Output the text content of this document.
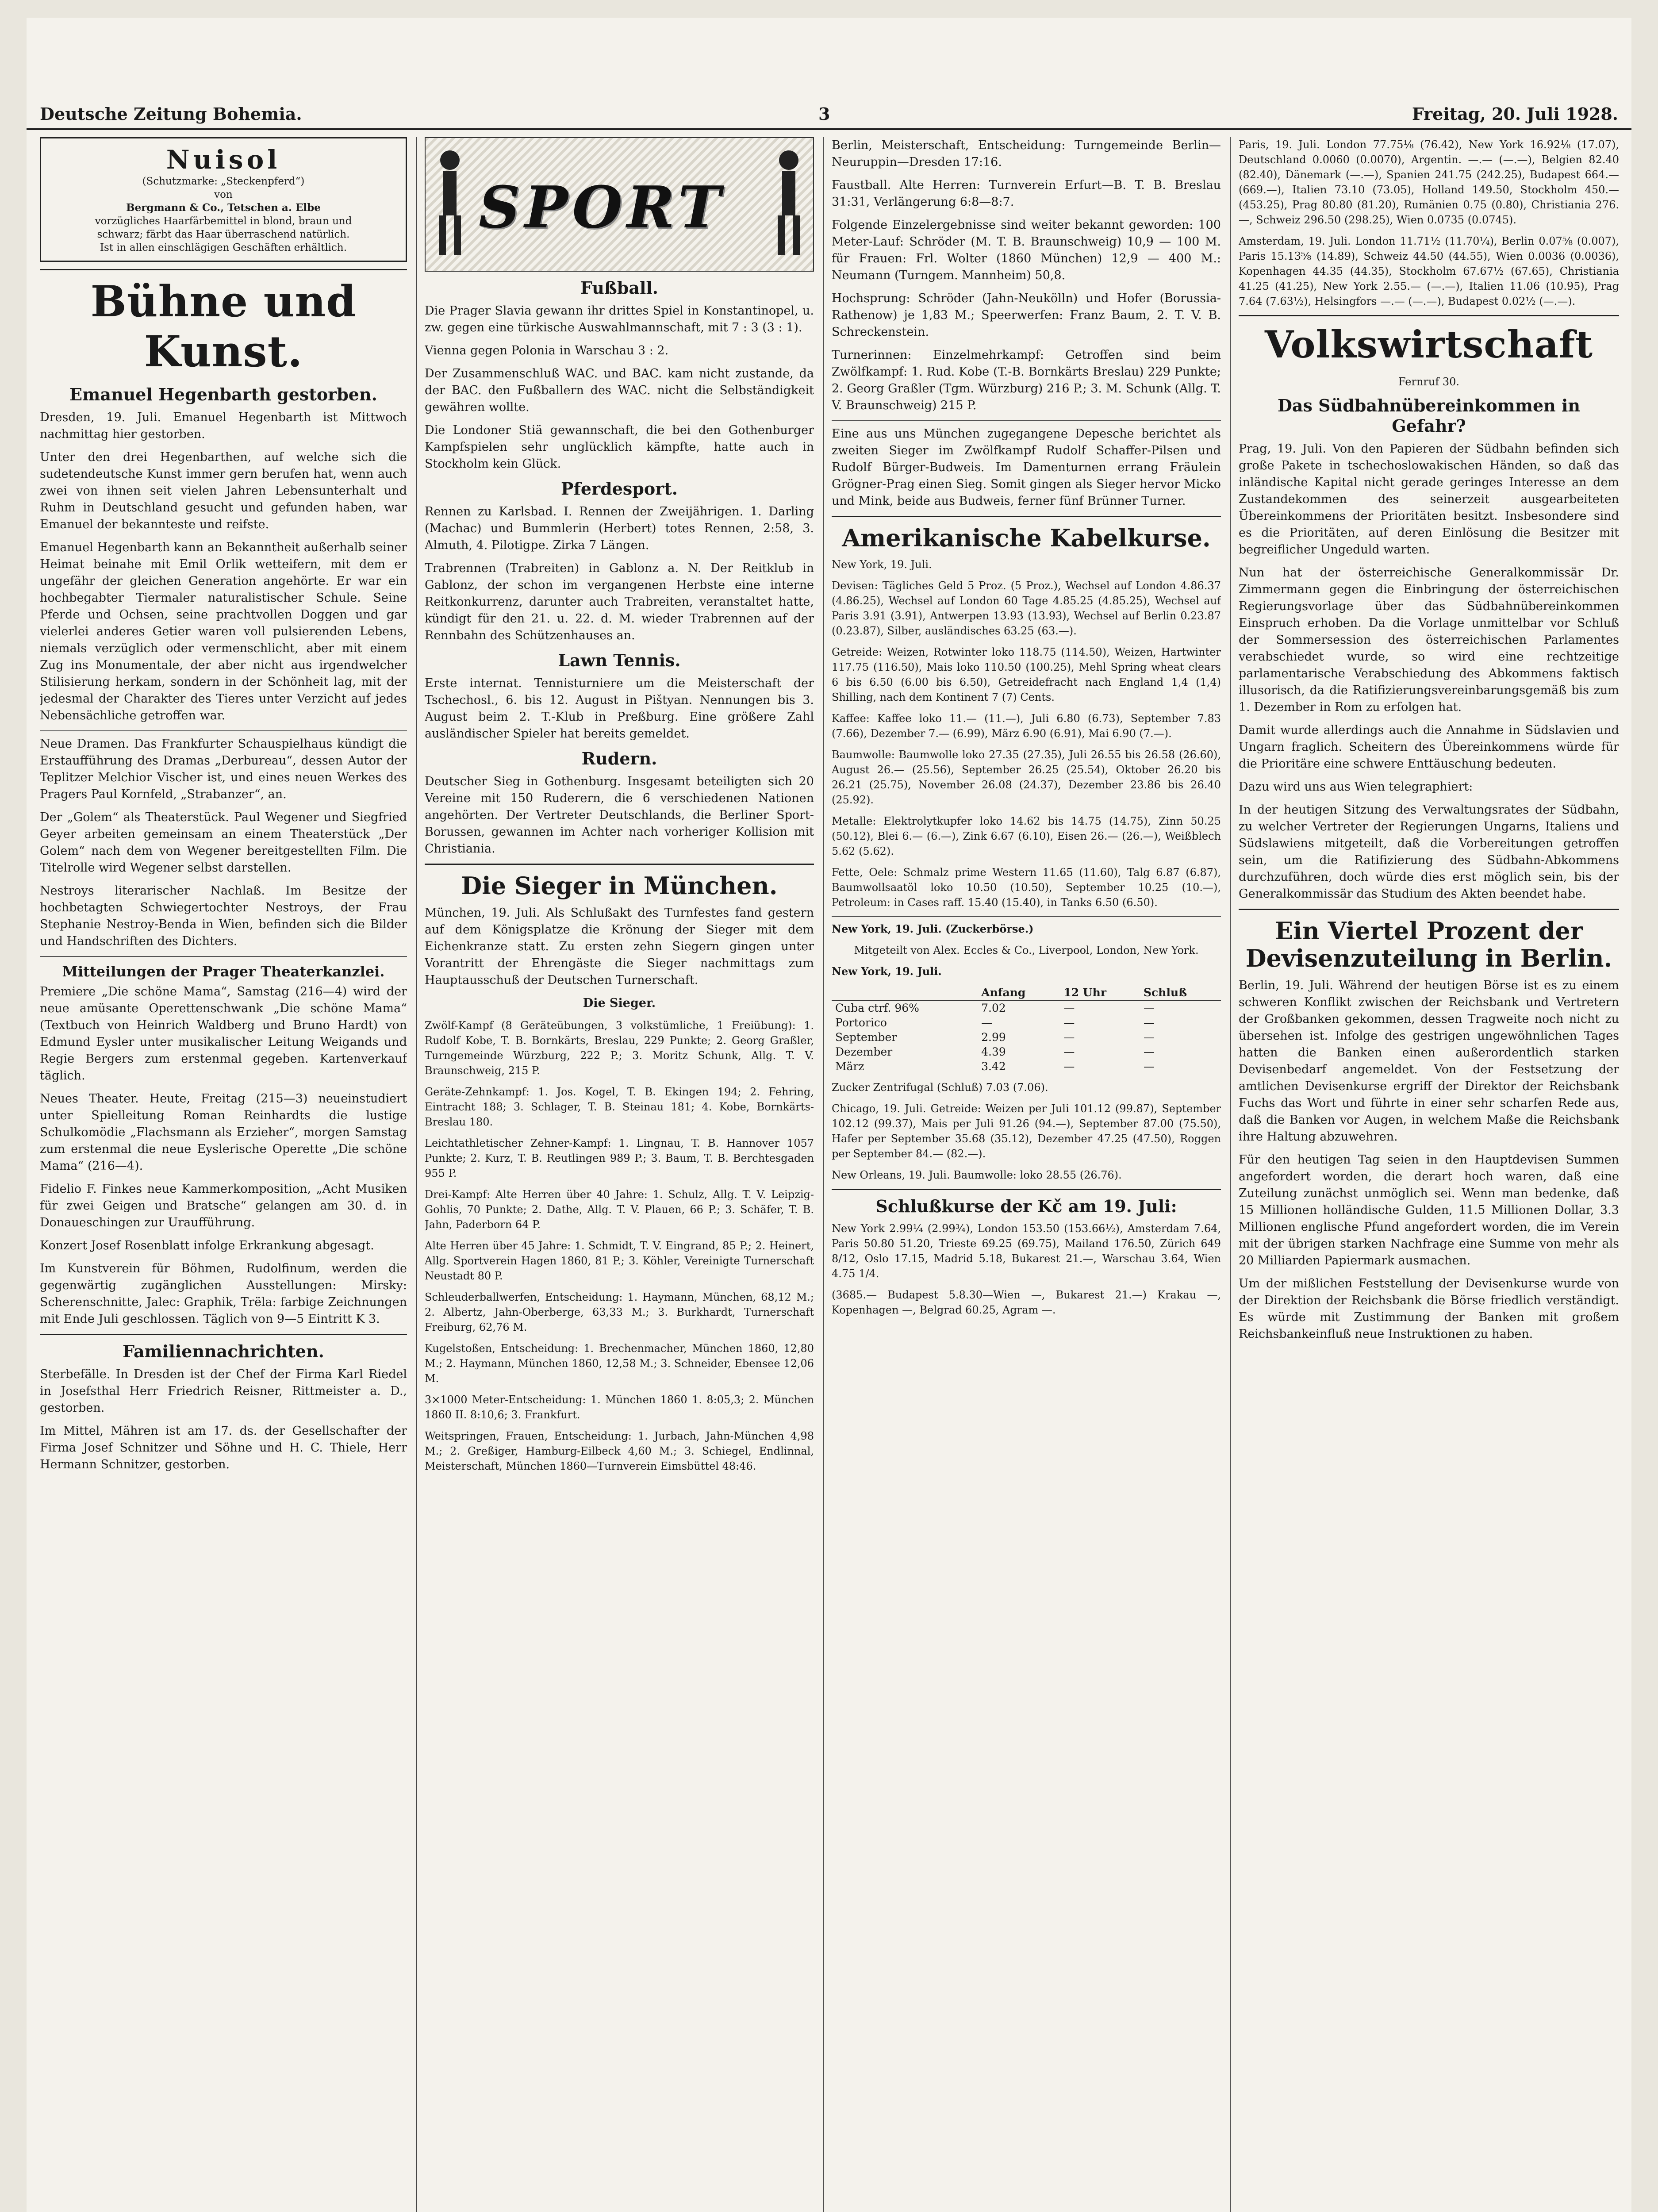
Deutsche Zeitung Bohemia.	3	Freitag, 20. Juli 1928.
Nuisol
(Schutzmarke: „Steckenpferd“)
von
Bergmann & Co., Tetschen a. Elbe
vorzügliches Haarfärbemittel in blond, braun und
schwarz; färbt das Haar überraschend natürlich.
Ist in allen einschlägigen Geschäften erhältlich.
Bühne und Kunst.
Emanuel Hegenbarth gestorben.

Dresden, 19. Juli. Emanuel Hegenbarth ist Mittwoch nachmittag hier gestorben.

Unter den drei Hegenbarthen, auf welche sich die sudetendeutsche Kunst immer gern berufen hat, wenn auch zwei von ihnen seit vielen Jahren Lebensunterhalt und Ruhm in Deutschland gesucht und gefunden haben, war Emanuel der bekannteste und reifste.

Emanuel Hegenbarth kann an Bekanntheit außerhalb seiner Heimat beinahe mit Emil Orlik wetteifern, mit dem er ungefähr der gleichen Generation angehörte. Er war ein hochbegabter Tiermaler naturalistischer Schule. Seine Pferde und Ochsen, seine prachtvollen Doggen und gar vielerlei anderes Getier waren voll pulsierenden Lebens, niemals verzüglich oder vermenschlicht, aber mit einem Zug ins Monumentale, der aber nicht aus irgendwelcher Stilisierung herkam, sondern in der Schönheit lag, mit der jedesmal der Charakter des Tieres unter Verzicht auf jedes Nebensächliche getroffen war.

Neue Dramen. Das Frankfurter Schauspielhaus kündigt die Erstaufführung des Dramas „Derbureau“, dessen Autor der Teplitzer Melchior Vischer ist, und eines neuen Werkes des Pragers Paul Kornfeld, „Strabanzer“, an.

Der „Golem“ als Theaterstück. Paul Wegener und Siegfried Geyer arbeiten gemeinsam an einem Theaterstück „Der Golem“ nach dem von Wegener bereitgestellten Film. Die Titelrolle wird Wegener selbst darstellen.

Nestroys literarischer Nachlaß. Im Besitze der hochbetagten Schwiegertochter Nestroys, der Frau Stephanie Nestroy-Benda in Wien, befinden sich die Bilder und Handschriften des Dichters.

Mitteilungen der Prager Theaterkanzlei.

Premiere „Die schöne Mama“, Samstag (216—4) wird der neue amüsante Operettenschwank „Die schöne Mama“ (Textbuch von Heinrich Waldberg und Bruno Hardt) von Edmund Eysler unter musikalischer Leitung Weigands und Regie Bergers zum erstenmal gegeben. Kartenverkauf täglich.

Neues Theater. Heute, Freitag (215—3) neueinstudiert unter Spielleitung Roman Reinhardts die lustige Schulkomödie „Flachsmann als Erzieher“, morgen Samstag zum erstenmal die neue Eyslerische Operette „Die schöne Mama“ (216—4).

Fidelio F. Finkes neue Kammerkomposition, „Acht Musiken für zwei Geigen und Bratsche“ gelangen am 30. d. in Donaueschingen zur Uraufführung.

Konzert Josef Rosenblatt infolge Erkrankung abgesagt.

Im Kunstverein für Böhmen, Rudolfinum, werden die gegenwärtig zugänglichen Ausstellungen: Mirsky: Scherenschnitte, Jalec: Graphik, Trëla: farbige Zeichnungen mit Ende Juli geschlossen. Täglich von 9—5 Eintritt K 3.

Familiennachrichten.

Sterbefälle. In Dresden ist der Chef der Firma Karl Riedel in Josefsthal Herr Friedrich Reisner, Rittmeister a. D., gestorben.

Im Mittel, Mähren ist am 17. ds. der Gesellschafter der Firma Josef Schnitzer und Söhne und H. C. Thiele, Herr Hermann Schnitzer, gestorben.

SPORT
Fußball.

Die Prager Slavia gewann ihr drittes Spiel in Konstantinopel, u. zw. gegen eine türkische Auswahlmannschaft, mit 7 : 3 (3 : 1).

Vienna gegen Polonia in Warschau 3 : 2.

Der Zusammenschluß WAC. und BAC. kam nicht zustande, da der BAC. den Fußballern des WAC. nicht die Selbständigkeit gewähren wollte.

Die Londoner Stiä gewannschaft, die bei den Gothenburger Kampfspielen sehr unglücklich kämpfte, hatte auch in Stockholm kein Glück.

Pferdesport.

Rennen zu Karlsbad. I. Rennen der Zweijährigen. 1. Darling (Machac) und Bummlerin (Herbert) totes Rennen, 2:58, 3. Almuth, 4. Pilotigpe. Zirka 7 Längen.

Trabrennen (Trabreiten) in Gablonz a. N. Der Reitklub in Gablonz, der schon im vergangenen Herbste eine interne Reitkonkurrenz, darunter auch Trabreiten, veranstaltet hatte, kündigt für den 21. u. 22. d. M. wieder Trabrennen auf der Rennbahn des Schützenhauses an.

Lawn Tennis.

Erste internat. Tennisturniere um die Meisterschaft der Tschechosl., 6. bis 12. August in Pištyan. Nennungen bis 3. August beim 2. T.-Klub in Preßburg. Eine größere Zahl ausländischer Spieler hat bereits gemeldet.

Rudern.

Deutscher Sieg in Gothenburg. Insgesamt beteiligten sich 20 Vereine mit 150 Ruderern, die 6 verschiedenen Nationen angehörten. Der Vertreter Deutschlands, die Berliner Sport-Borussen, gewannen im Achter nach vorheriger Kollision mit Christiania.

Die Sieger in München.

München, 19. Juli. Als Schlußakt des Turnfestes fand gestern auf dem Königsplatze die Krönung der Sieger mit dem Eichenkranze statt. Zu ersten zehn Siegern gingen unter Vorantritt der Ehrengäste die Sieger nachmittags zum Hauptausschuß der Deutschen Turnerschaft.

Die Sieger.

Zwölf-Kampf (8 Geräteübungen, 3 volkstümliche, 1 Freiübung): 1. Rudolf Kobe, T. B. Bornkärts, Breslau, 229 Punkte; 2. Georg Graßler, Turngemeinde Würzburg, 222 P.; 3. Moritz Schunk, Allg. T. V. Braunschweig, 215 P.

Geräte-Zehnkampf: 1. Jos. Kogel, T. B. Ekingen 194; 2. Fehring, Eintracht 188; 3. Schlager, T. B. Steinau 181; 4. Kobe, Bornkärts-Breslau 180.

Leichtathletischer Zehner-Kampf: 1. Lingnau, T. B. Hannover 1057 Punkte; 2. Kurz, T. B. Reutlingen 989 P.; 3. Baum, T. B. Berchtesgaden 955 P.

Drei-Kampf: Alte Herren über 40 Jahre: 1. Schulz, Allg. T. V. Leipzig-Gohlis, 70 Punkte; 2. Dathe, Allg. T. V. Plauen, 66 P.; 3. Schäfer, T. B. Jahn, Paderborn 64 P.

Alte Herren über 45 Jahre: 1. Schmidt, T. V. Eingrand, 85 P.; 2. Heinert, Allg. Sportverein Hagen 1860, 81 P.; 3. Köhler, Vereinigte Turnerschaft Neustadt 80 P.

Schleuderballwerfen, Entscheidung: 1. Haymann, München, 68,12 M.; 2. Albertz, Jahn-Oberberge, 63,33 M.; 3. Burkhardt, Turnerschaft Freiburg, 62,76 M.

Kugelstoßen, Entscheidung: 1. Brechenmacher, München 1860, 12,80 M.; 2. Haymann, München 1860, 12,58 M.; 3. Schneider, Ebensee 12,06 M.

3×1000 Meter-Entscheidung: 1. München 1860 1. 8:05,3; 2. München 1860 II. 8:10,6; 3. Frankfurt.

Weitspringen, Frauen, Entscheidung: 1. Jurbach, Jahn-München 4,98 M.; 2. Greßiger, Hamburg-Eilbeck 4,60 M.; 3. Schiegel, Endlinnal, Meisterschaft, München 1860—Turnverein Eimsbüttel 48:46.

Berlin, Meisterschaft, Entscheidung: Turngemeinde Berlin—Neuruppin—Dresden 17:16.

Faustball. Alte Herren: Turnverein Erfurt—B. T. B. Breslau 31:31, Verlängerung 6:8—8:7.

Folgende Einzelergebnisse sind weiter bekannt geworden: 100 Meter-Lauf: Schröder (M. T. B. Braunschweig) 10,9 — 100 M. für Frauen: Frl. Wolter (1860 München) 12,9 — 400 M.: Neumann (Turngem. Mannheim) 50,8.

Hochsprung: Schröder (Jahn-Neukölln) und Hofer (Borussia-Rathenow) je 1,83 M.; Speerwerfen: Franz Baum, 2. T. V. B. Schreckenstein.

Turnerinnen: Einzelmehrkampf: Getroffen sind beim Zwölfkampf: 1. Rud. Kobe (T.-B. Bornkärts Breslau) 229 Punkte; 2. Georg Graßler (Tgm. Würzburg) 216 P.; 3. M. Schunk (Allg. T. V. Braunschweig) 215 P.

Eine aus uns München zugegangene Depesche berichtet als zweiten Sieger im Zwölfkampf Rudolf Schaffer-Pilsen und Rudolf Bürger-Budweis. Im Damenturnen errang Fräulein Grögner-Prag einen Sieg. Somit gingen als Sieger hervor Micko und Mink, beide aus Budweis, ferner fünf Brünner Turner.

Amerikanische Kabelkurse.

New York, 19. Juli.

Devisen: Tägliches Geld 5 Proz. (5 Proz.), Wechsel auf London 4.86.37 (4.86.25), Wechsel auf London 60 Tage 4.85.25 (4.85.25), Wechsel auf Paris 3.91 (3.91), Antwerpen 13.93 (13.93), Wechsel auf Berlin 0.23.87 (0.23.87), Silber, ausländisches 63.25 (63.—).

Getreide: Weizen, Rotwinter loko 118.75 (114.50), Weizen, Hartwinter 117.75 (116.50), Mais loko 110.50 (100.25), Mehl Spring wheat clears 6 bis 6.50 (6.00 bis 6.50), Getreidefracht nach England 1,4 (1,4) Shilling, nach dem Kontinent 7 (7) Cents.

Kaffee: Kaffee loko 11.— (11.—), Juli 6.80 (6.73), September 7.83 (7.66), Dezember 7.— (6.99), März 6.90 (6.91), Mai 6.90 (7.—).

Baumwolle: Baumwolle loko 27.35 (27.35), Juli 26.55 bis 26.58 (26.60), August 26.— (25.56), September 26.25 (25.54), Oktober 26.20 bis 26.21 (25.75), November 26.08 (24.37), Dezember 23.86 bis 26.40 (25.92).

Metalle: Elektrolytkupfer loko 14.62 bis 14.75 (14.75), Zinn 50.25 (50.12), Blei 6.— (6.—), Zink 6.67 (6.10), Eisen 26.— (26.—), Weißblech 5.62 (5.62).

Fette, Oele: Schmalz prime Western 11.65 (11.60), Talg 6.87 (6.87), Baumwollsaatöl loko 10.50 (10.50), September 10.25 (10.—), Petroleum: in Cases raff. 15.40 (15.40), in Tanks 6.50 (6.50).

New York, 19. Juli. (Zuckerbörse.)

Mitgeteilt von Alex. Eccles & Co., Liverpool, London, New York.

New York, 19. Juli.

	Anfang	12 Uhr	Schluß
Cuba ctrf. 96%	7.02	—	—
Portorico	—	—	—
September	2.99	—	—
Dezember	4.39	—	—
März	3.42	—	—

Zucker Zentrifugal (Schluß) 7.03 (7.06).

Chicago, 19. Juli. Getreide: Weizen per Juli 101.12 (99.87), September 102.12 (99.37), Mais per Juli 91.26 (94.—), September 87.00 (75.50), Hafer per September 35.68 (35.12), Dezember 47.25 (47.50), Roggen per September 84.— (82.—).

New Orleans, 19. Juli. Baumwolle: loko 28.55 (26.76).

Schlußkurse der Kč am 19. Juli:

New York 2.99¼ (2.99¾), London 153.50 (153.66½), Amsterdam 7.64, Paris 50.80 51.20, Trieste 69.25 (69.75), Mailand 176.50, Zürich 649 8/12, Oslo 17.15, Madrid 5.18, Bukarest 21.—, Warschau 3.64, Wien 4.75 1/4.

(3685.— Budapest 5.8.30—Wien —, Bukarest 21.—) Krakau —, Kopenhagen —, Belgrad 60.25, Agram —.

Paris, 19. Juli. London 77.75⅛ (76.42), New York 16.92⅛ (17.07), Deutschland 0.0060 (0.0070), Argentin. —.— (—.—), Belgien 82.40 (82.40), Dänemark (—.—), Spanien 241.75 (242.25), Budapest 664.— (669.—), Italien 73.10 (73.05), Holland 149.50, Stockholm 450.— (453.25), Prag 80.80 (81.20), Rumänien 0.75 (0.80), Christiania 276.—, Schweiz 296.50 (298.25), Wien 0.0735 (0.0745).

Amsterdam, 19. Juli. London 11.71½ (11.70¼), Berlin 0.07⅝ (0.007), Paris 15.13⅝ (14.89), Schweiz 44.50 (44.55), Wien 0.0036 (0.0036), Kopenhagen 44.35 (44.35), Stockholm 67.67½ (67.65), Christiania 41.25 (41.25), New York 2.55.— (—.—), Italien 11.06 (10.95), Prag 7.64 (7.63½), Helsingfors —.— (—.—), Budapest 0.02½ (—.—).

Volkswirtschaft

Fernruf 30.

Das Südbahnübereinkommen in Gefahr?

Prag, 19. Juli. Von den Papieren der Südbahn befinden sich große Pakete in tschechoslowakischen Händen, so daß das inländische Kapital nicht gerade geringes Interesse an dem Zustandekommen des seinerzeit ausgearbeiteten Übereinkommens der Prioritäten besitzt. Insbesondere sind es die Prioritäten, auf deren Einlösung die Besitzer mit begreiflicher Ungeduld warten.

Nun hat der österreichische Generalkommissär Dr. Zimmermann gegen die Einbringung der österreichischen Regierungsvorlage über das Südbahnübereinkommen Einspruch erhoben. Da die Vorlage unmittelbar vor Schluß der Sommersession des österreichischen Parlamentes verabschiedet wurde, so wird eine rechtzeitige parlamentarische Verabschiedung des Abkommens faktisch illusorisch, da die Ratifizierungsvereinbarungsgemäß bis zum 1. Dezember in Rom zu erfolgen hat.

Damit wurde allerdings auch die Annahme in Südslavien und Ungarn fraglich. Scheitern des Übereinkommens würde für die Prioritäre eine schwere Enttäuschung bedeuten.

Dazu wird uns aus Wien telegraphiert:

In der heutigen Sitzung des Verwaltungsrates der Südbahn, zu welcher Vertreter der Regierungen Ungarns, Italiens und Südslawiens mitgeteilt, daß die Vorbereitungen getroffen sein, um die Ratifizierung des Südbahn-Abkommens durchzuführen, doch würde dies erst möglich sein, bis der Generalkommissär das Studium des Akten beendet habe.

Ein Viertel Prozent der Devisenzuteilung in Berlin.

Berlin, 19. Juli. Während der heutigen Börse ist es zu einem schweren Konflikt zwischen der Reichsbank und Vertretern der Großbanken gekommen, dessen Tragweite noch nicht zu übersehen ist. Infolge des gestrigen ungewöhnlichen Tages hatten die Banken einen außerordentlich starken Devisenbedarf angemeldet. Von der Festsetzung der amtlichen Devisenkurse ergriff der Direktor der Reichsbank Fuchs das Wort und führte in einer sehr scharfen Rede aus, daß die Banken vor Augen, in welchem Maße die Reichsbank ihre Haltung abzuwehren.

Für den heutigen Tag seien in den Hauptdevisen Summen angefordert worden, die derart hoch waren, daß eine Zuteilung zunächst unmöglich sei. Wenn man bedenke, daß 15 Millionen holländische Gulden, 11.5 Millionen Dollar, 3.3 Millionen englische Pfund angefordert worden, die im Verein mit der übrigen starken Nachfrage eine Summe von mehr als 20 Milliarden Papiermark ausmachen.

Um der mißlichen Feststellung der Devisenkurse wurde von der Direktion der Reichsbank die Börse friedlich verständigt. Es würde mit Zustimmung der Banken mit großem Reichsbankeinfluß neue Instruktionen zu haben.
